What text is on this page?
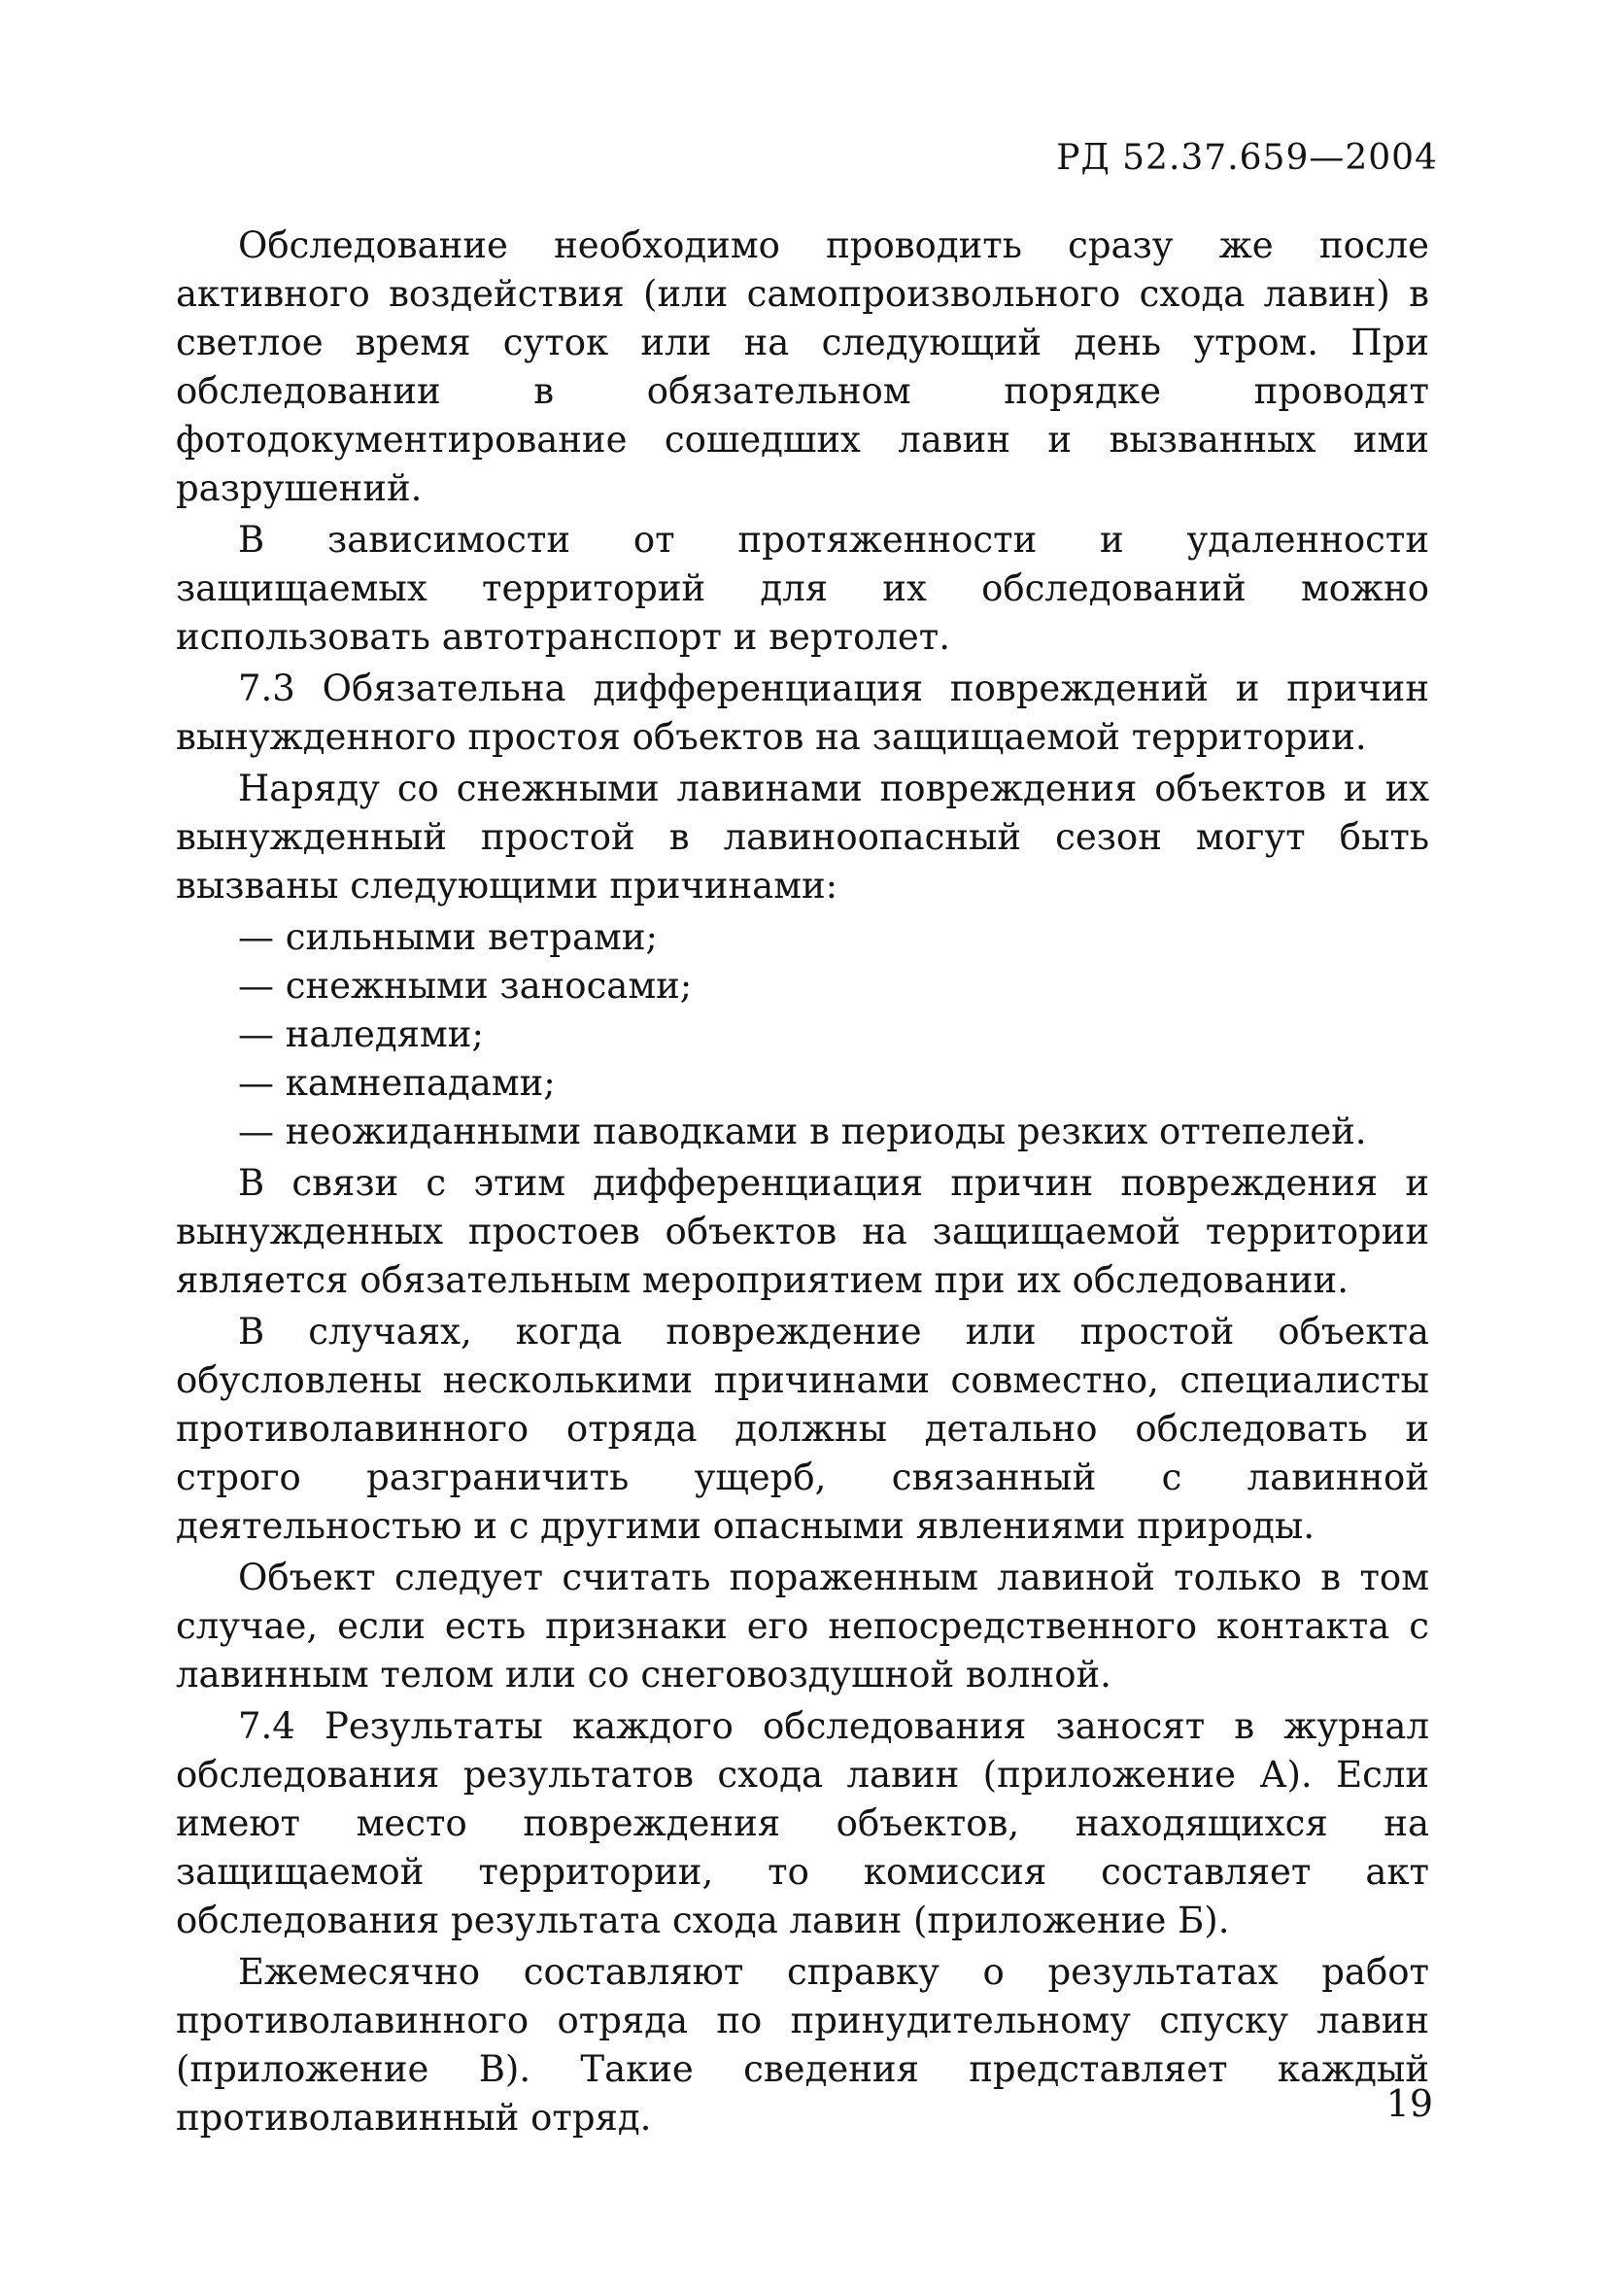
РД 52.37.659—2004

Обследование необходимо проводить сразу же после активного воздействия (или самопроизвольного схода лавин) в светлое время суток или на следующий день утром. При обследовании в обязательном порядке проводят фотодокументирование сошедших лавин и вызванных ими разрушений.

В зависимости от протяженности и удаленности защищаемых территорий для их обследований можно использовать автотранспорт и вертолет.

7.3 Обязательна дифференциация повреждений и причин вынужденного простоя объектов на защищаемой территории.

Наряду со снежными лавинами повреждения объектов и их вынужденный простой в лавиноопасный сезон могут быть вызваны следующими причинами:

— сильными ветрами;
— снежными заносами;
— наледями;
— камнепадами;
— неожиданными паводками в периоды резких оттепелей.

В связи с этим дифференциация причин повреждения и вынужденных простоев объектов на защищаемой территории является обязательным мероприятием при их обследовании.

В случаях, когда повреждение или простой объекта обусловлены несколькими причинами совместно, специалисты противолавинного отряда должны детально обследовать и строго разграничить ущерб, связанный с лавинной деятельностью и с другими опасными явлениями природы.

Объект следует считать пораженным лавиной только в том случае, если есть признаки его непосредственного контакта с лавинным телом или со снеговоздушной волной.

7.4 Результаты каждого обследования заносят в журнал обследования результатов схода лавин (приложение А). Если имеют место повреждения объектов, находящихся на защищаемой территории, то комиссия составляет акт обследования результата схода лавин (приложение Б).

Ежемесячно составляют справку о результатах работ противолавинного отряда по принудительному спуску лавин (приложение В). Такие сведения представляет каждый противолавинный отряд.	19
